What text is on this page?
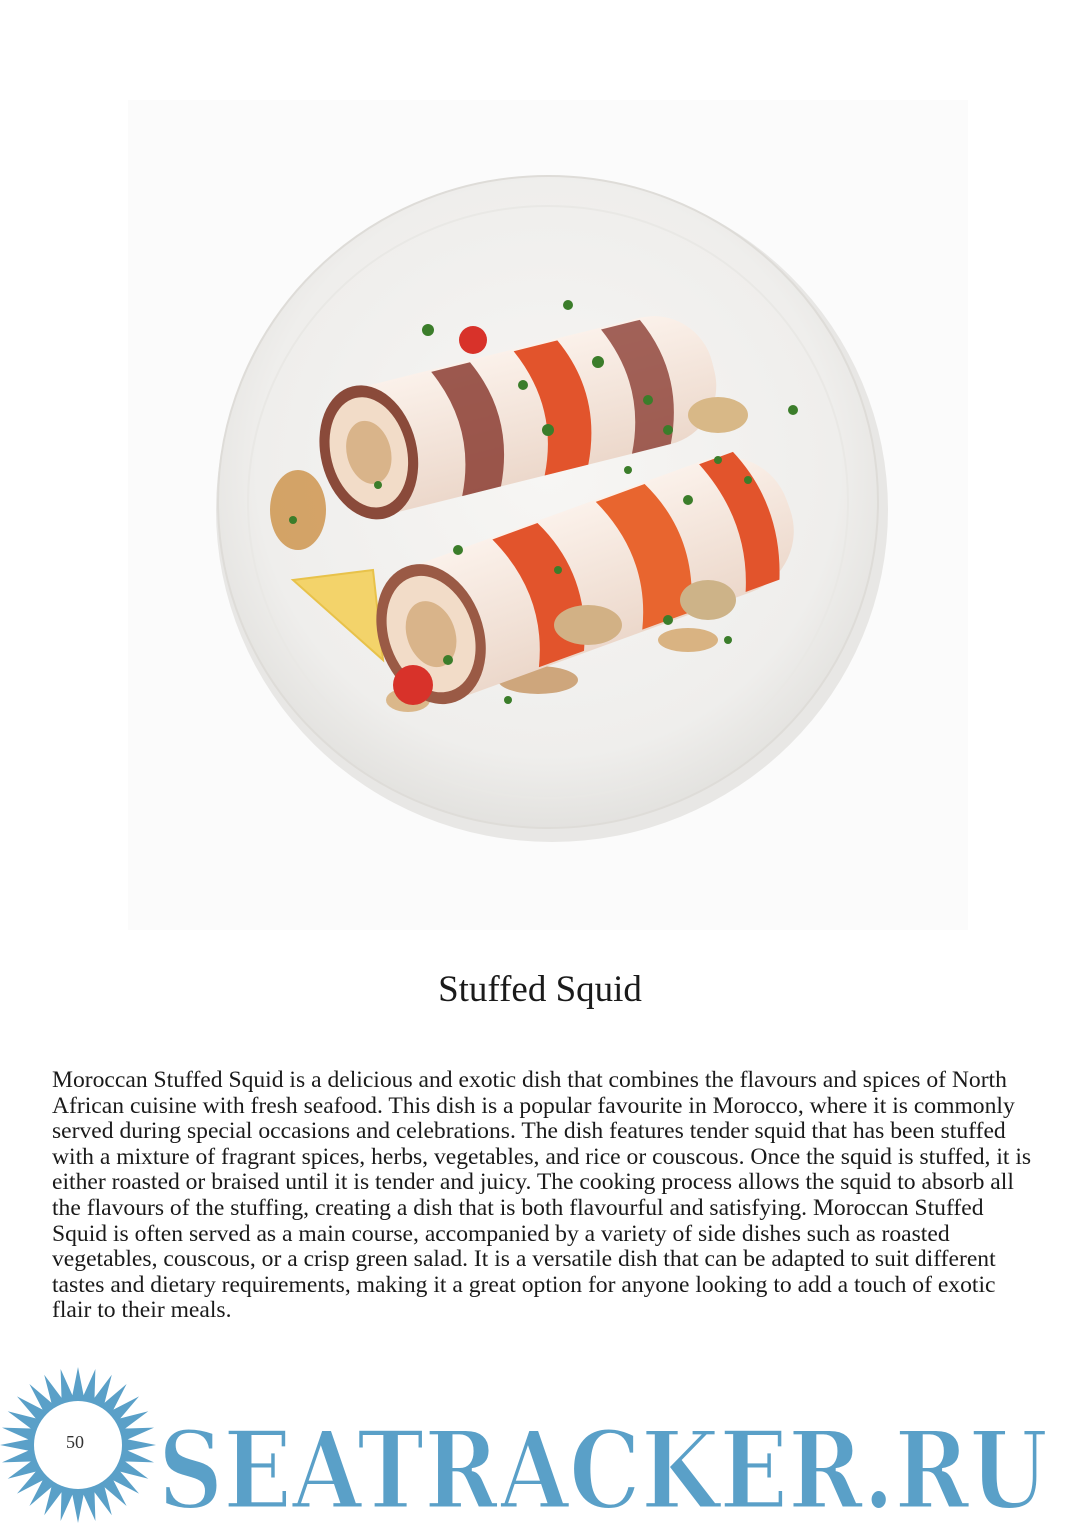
Stuffed Squid

Moroccan Stuffed Squid is a delicious and exotic dish that combines the flavours and spices of North African cuisine with fresh seafood. This dish is a popular favourite in Morocco, where it is commonly served during special occasions and celebrations. The dish features tender squid that has been stuffed with a mixture of fragrant spices, herbs, vegetables, and rice or couscous. Once the squid is stuffed, it is either roasted or braised until it is tender and juicy. The cooking process allows the squid to absorb all the flavours of the stuffing, creating a dish that is both flavourful and satisfying. Moroccan Stuffed Squid is often served as a main course, accompanied by a variety of side dishes such as roasted vegetables, couscous, or a crisp green salad. It is a versatile dish that can be adapted to suit different tastes and dietary requirements, making it a great option for anyone looking to add a touch of exotic flair to their meals.

SEATRACKER.RU
50
